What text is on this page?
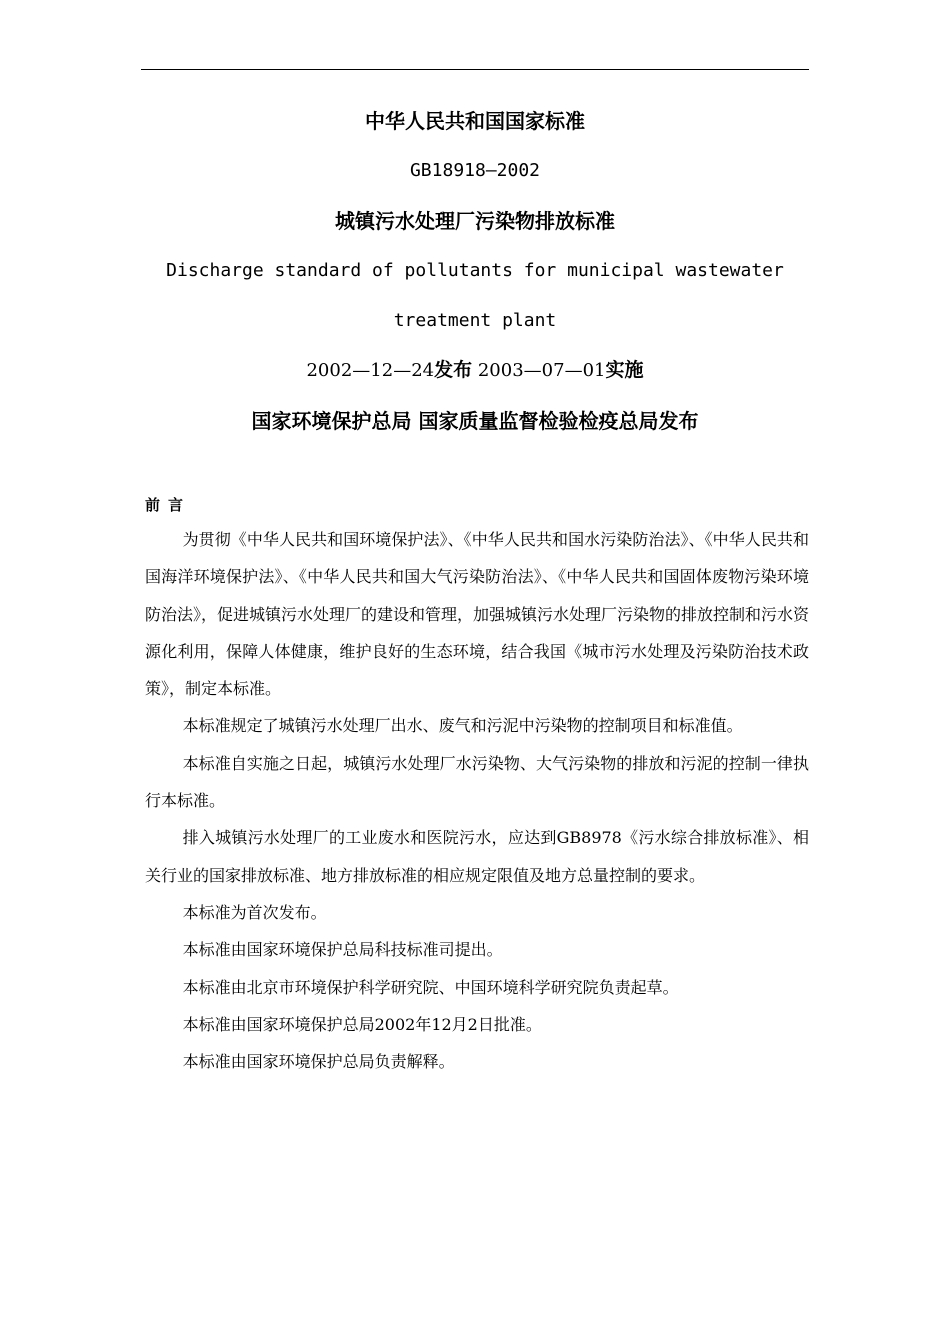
中华人民共和国国家标准
GB18918—2002
城镇污水处理厂污染物排放标准
Discharge standard of pollutants for municipal wastewater
treatment plant
2002—12—24发布 2003—07—01实施
国家环境保护总局 国家质量监督检验检疫总局发布
前言

为贯彻《中华人民共和国环境保护法》、《中华人民共和国水污染防治法》、《中华人民共和国海洋环境保护法》、《中华人民共和国大气污染防治法》、《中华人民共和国固体废物污染环境防治法》，促进城镇污水处理厂的建设和管理，加强城镇污水处理厂污染物的排放控制和污水资源化利用，保障人体健康，维护良好的生态环境，结合我国《城市污水处理及污染防治技术政策》，制定本标准。

本标准规定了城镇污水处理厂出水、废气和污泥中污染物的控制项目和标准值。

本标准自实施之日起，城镇污水处理厂水污染物、大气污染物的排放和污泥的控制一律执行本标准。

排入城镇污水处理厂的工业废水和医院污水，应达到GB8978《污水综合排放标准》、相关行业的国家排放标准、地方排放标准的相应规定限值及地方总量控制的要求。

本标准为首次发布。

本标准由国家环境保护总局科技标准司提出。

本标准由北京市环境保护科学研究院、中国环境科学研究院负责起草。

本标准由国家环境保护总局2002年12月2日批准。

本标准由国家环境保护总局负责解释。
